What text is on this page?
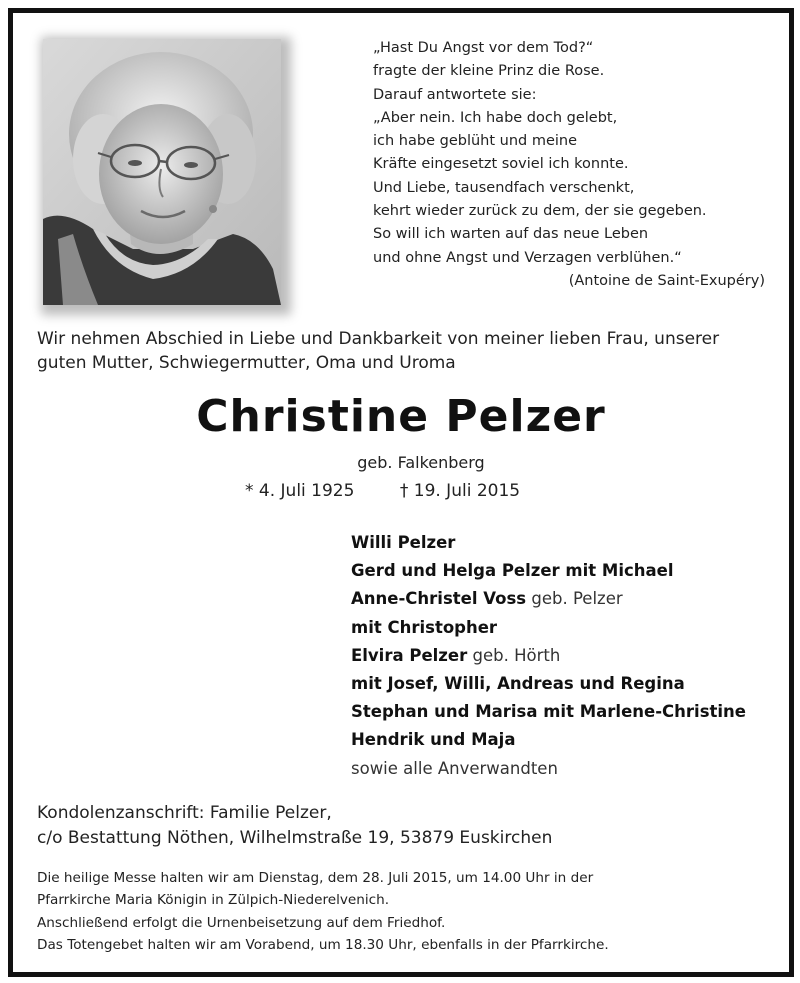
„Hast Du Angst vor dem Tod?“
fragte der kleine Prinz die Rose.
Darauf antwortete sie:
„Aber nein. Ich habe doch gelebt,
ich habe geblüht und meine
Kräfte eingesetzt soviel ich konnte.
Und Liebe, tausendfach verschenkt,
kehrt wieder zurück zu dem, der sie gegeben.
So will ich warten auf das neue Leben
und ohne Angst und Verzagen verblühen.“
(Antoine de Saint-Exupéry)
Wir nehmen Abschied in Liebe und Dankbarkeit von meiner lieben Frau, unserer guten Mutter, Schwiegermutter, Oma und Uroma
Christine Pelzer
geb. Falkenberg
* 4. Juli 1925	† 19. Juli 2015
Willi Pelzer
Gerd und Helga Pelzer mit Michael
Anne-Christel Voss geb. Pelzer
mit Christopher
Elvira Pelzer geb. Hörth
mit Josef, Willi, Andreas und Regina
Stephan und Marisa mit Marlene-Christine
Hendrik und Maja
sowie alle Anverwandten
Kondolenzanschrift: Familie Pelzer,
c/o Bestattung Nöthen, Wilhelmstraße 19, 53879 Euskirchen
Die heilige Messe halten wir am Dienstag, dem 28. Juli 2015, um 14.00 Uhr in der
Pfarrkirche Maria Königin in Zülpich-Niederelvenich.
Anschließend erfolgt die Urnenbeisetzung auf dem Friedhof.
Das Totengebet halten wir am Vorabend, um 18.30 Uhr, ebenfalls in der Pfarrkirche.
